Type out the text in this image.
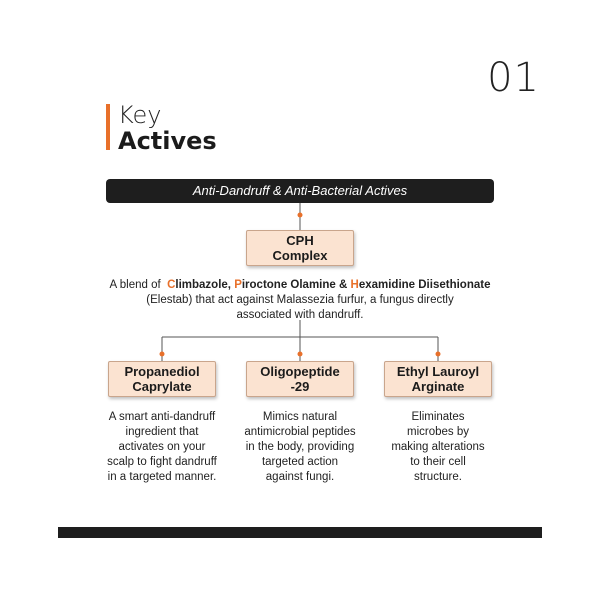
01
Key
Actives
Anti-Dandruff & Anti-Bacterial Actives
CPH
Complex
A blend of Climbazole, Piroctone Olamine & Hexamidine Diisethionate
(Elestab) that act against Malassezia furfur, a fungus directly
associated with dandruff.
Propanediol
Caprylate
Oligopeptide
-29
Ethyl Lauroyl
Arginate
A smart anti-dandruff
ingredient that
activates on your
scalp to fight dandruff
in a targeted manner.
Mimics natural
antimicrobial peptides
in the body, providing
targeted action
against fungi.
Eliminates
microbes by
making alterations
to their cell
structure.
